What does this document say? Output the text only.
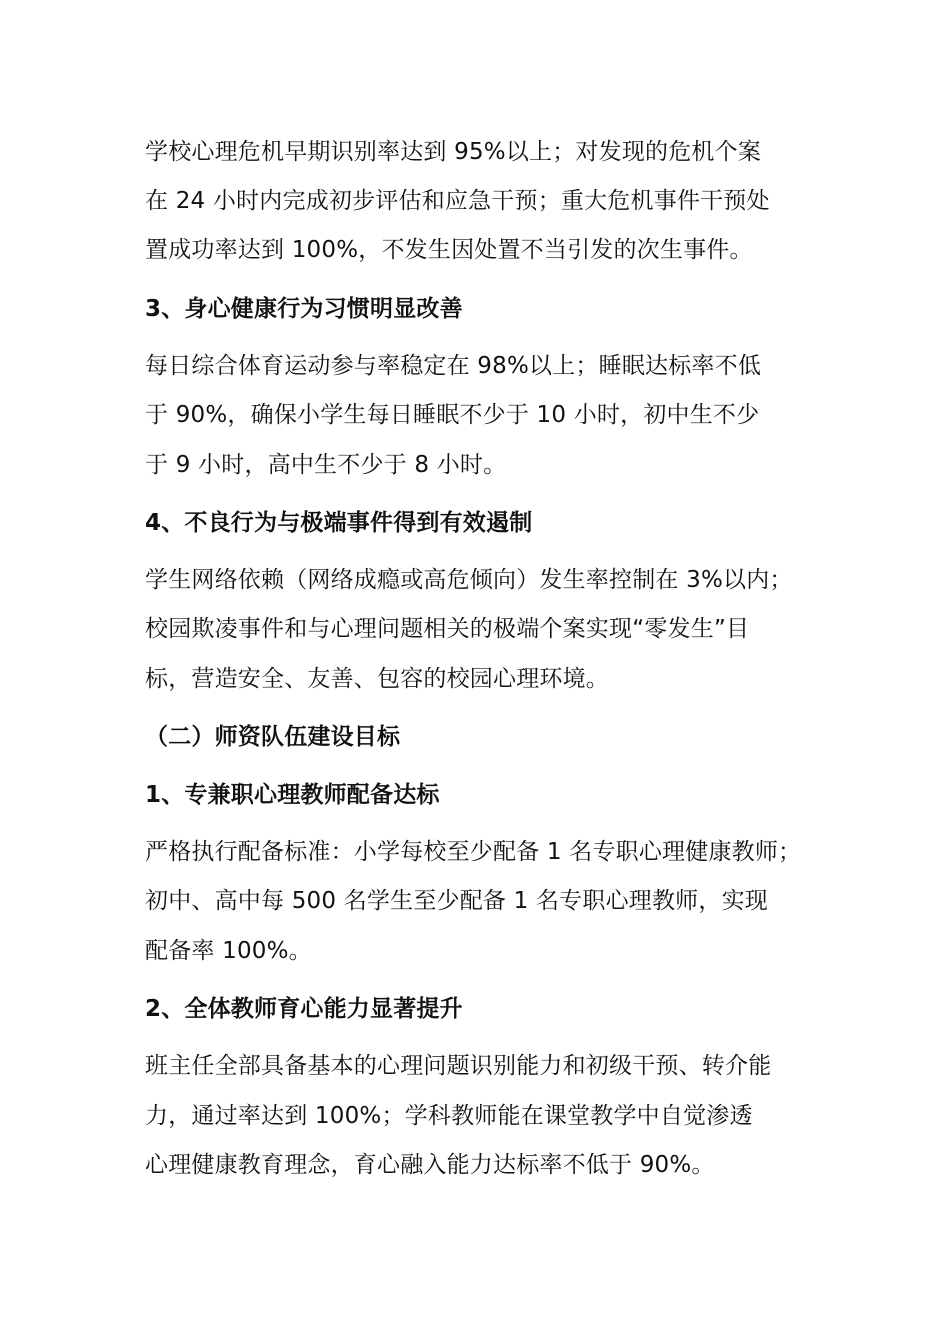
学校心理危机早期识别率达到 95%以上；对发现的危机个案
在 24 小时内完成初步评估和应急干预；重大危机事件干预处
置成功率达到 100%，不发生因处置不当引发的次生事件。
3、身心健康行为习惯明显改善
每日综合体育运动参与率稳定在 98%以上；睡眠达标率不低
于 90%，确保小学生每日睡眠不少于 10 小时，初中生不少
于 9 小时，高中生不少于 8 小时。
4、不良行为与极端事件得到有效遏制
学生网络依赖（网络成瘾或高危倾向）发生率控制在 3%以内；
校园欺凌事件和与心理问题相关的极端个案实现“零发生”目
标，营造安全、友善、包容的校园心理环境。
（二）师资队伍建设目标
1、专兼职心理教师配备达标
严格执行配备标准：小学每校至少配备 1 名专职心理健康教师；
初中、高中每 500 名学生至少配备 1 名专职心理教师，实现
配备率 100%。
2、全体教师育心能力显著提升
班主任全部具备基本的心理问题识别能力和初级干预、转介能
力，通过率达到 100%；学科教师能在课堂教学中自觉渗透
心理健康教育理念，育心融入能力达标率不低于 90%。
